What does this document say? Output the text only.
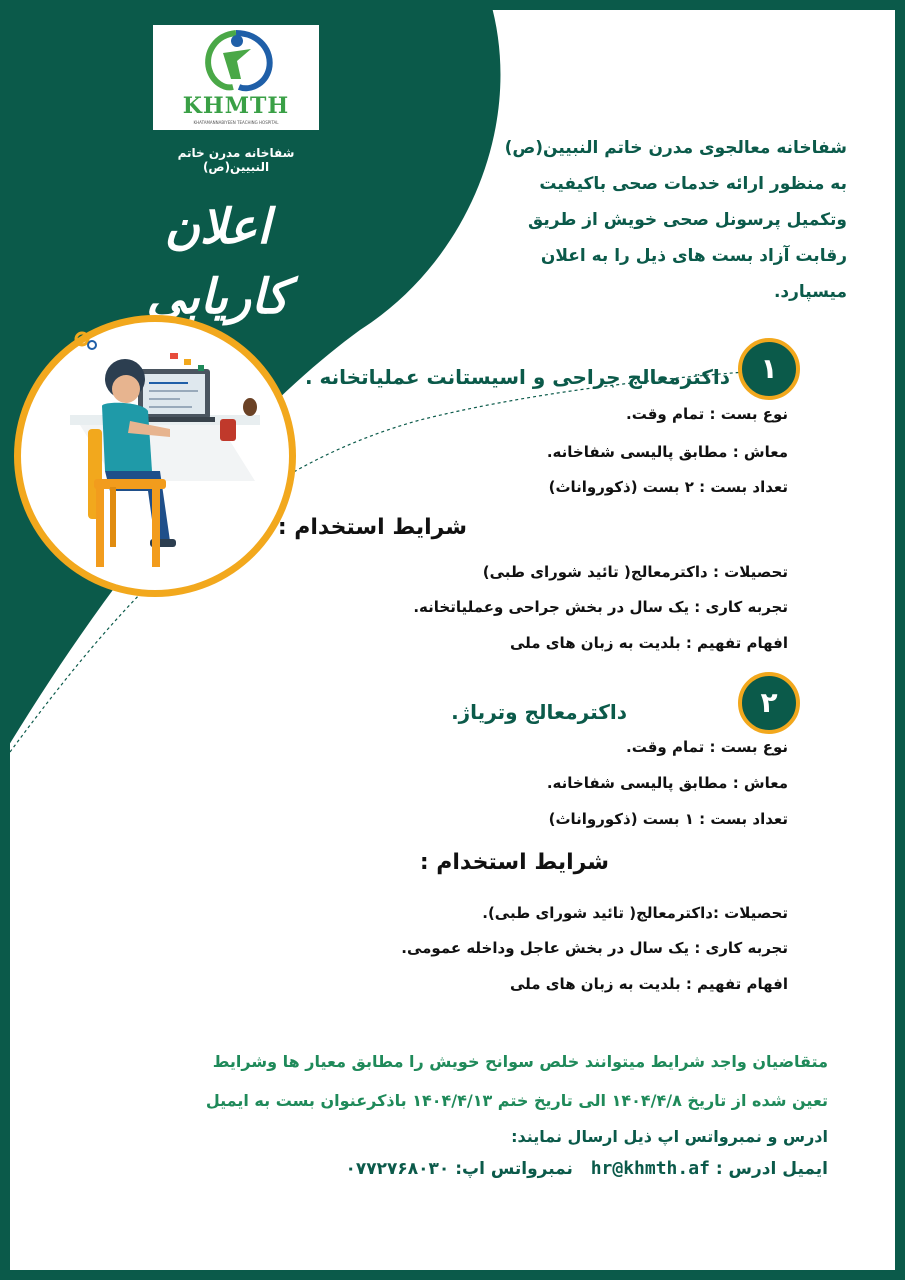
KHMTH
KHATAMANNABIYEEN TEACHING HOSPITAL
شفاخانه مدرن خاتم النبیین(ص)
اعلان کاریابی
شفاخانه معالجوی مدرن خاتم النبیین(ص)
به منظور ارائه خدمات صحی باکیفیت
وتکمیل پرسونل صحی خویش از طریق
رقابت آزاد بست های ذیل را به اعلان
میسپارد.
۱
داکترمعالج جراحی و اسیستانت عملیاتخانه .
نوع بست : تمام وقت.
معاش : مطابق پالیسی شفاخانه.
تعداد بست : ۲ بست (ذکورواناث)
شرایط استخدام :
تحصیلات : داکترمعالج( تائید شورای طبی)
تجربه کاری : یک سال در بخش جراحی وعملیاتخانه.
افهام تفهیم : بلدیت به زبان های ملی
۲
داکترمعالج وترياژ.
نوع بست : تمام وقت.
معاش : مطابق پالیسی شفاخانه.
تعداد بست : ۱ بست (ذکورواناث)
شرایط استخدام :
تحصیلات :داکترمعالج( تائید شورای طبی).
تجربه کاری : یک سال در بخش عاجل وداخله عمومی.
افهام تفهیم : بلدیت به زبان های ملی
متقاضیان واجد شرایط میتوانند خلص سوانح خویش را مطابق معیار ها وشرایط
تعین شده از تاریخ ۱۴۰۴/۴/۸ الی تاریخ ختم ۱۴۰۴/۴/۱۳ باذکرعنوان بست به ایمیل
ادرس و نمبرواتس اپ ذیل ارسال نمایند:
ایمیل ادرس : hr@khmth.af   نمبرواتس اپ: ۰۷۷۲۷۶۸۰۳۰
